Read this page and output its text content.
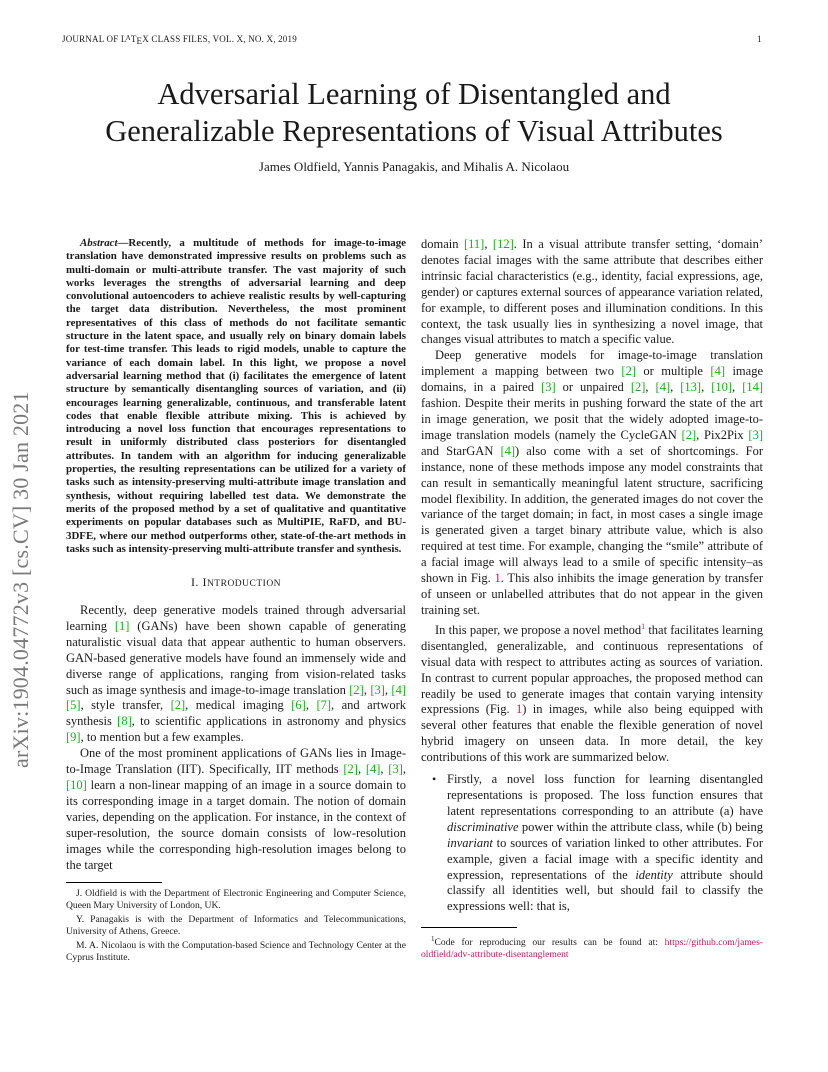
JOURNAL OF $L^ATEX$ CLASS FILES, VOL. X, NO. X, 2019	1
Adversarial Learning of Disentangled and
Generalizable Representations of Visual Attributes
James Oldfield, Yannis Panagakis, and Mihalis A. Nicolaou
arXiv:1904.04772v3 [cs.CV] 30 Jan 2021

Abstract—Recently, a multitude of methods for image-to-image translation have demonstrated impressive results on problems such as multi-domain or multi-attribute transfer. The vast majority of such works leverages the strengths of adversarial learning and deep convolutional autoencoders to achieve realistic results by well-capturing the target data distribution. Nevertheless, the most prominent representatives of this class of methods do not facilitate semantic structure in the latent space, and usually rely on binary domain labels for test-time transfer. This leads to rigid models, unable to capture the variance of each domain label. In this light, we propose a novel adversarial learning method that (i) facilitates the emergence of latent structure by semantically disentangling sources of variation, and (ii) encourages learning generalizable, continuous, and transferable latent codes that enable flexible attribute mixing. This is achieved by introducing a novel loss function that encourages representations to result in uniformly distributed class posteriors for disentangled attributes. In tandem with an algorithm for inducing generalizable properties, the resulting representations can be utilized for a variety of tasks such as intensity-preserving multi-attribute image translation and synthesis, without requiring labelled test data. We demonstrate the merits of the proposed method by a set of qualitative and quantitative experiments on popular databases such as MultiPIE, RaFD, and BU-3DFE, where our method outperforms other, state-of-the-art methods in tasks such as intensity-preserving multi-attribute transfer and synthesis.

I. INTRODUCTION

Recently, deep generative models trained through adversarial learning [1] (GANs) have been shown capable of generating naturalistic visual data that appear authentic to human observers. GAN-based generative models have found an immensely wide and diverse range of applications, ranging from vision-related tasks such as image synthesis and image-to-image translation [2], [3], [4] [5], style transfer, [2], medical imaging [6], [7], and artwork synthesis [8], to scientific applications in astronomy and physics [9], to mention but a few examples.

One of the most prominent applications of GANs lies in Image-to-Image Translation (IIT). Specifically, IIT methods [2], [4], [3], [10] learn a non-linear mapping of an image in a source domain to its corresponding image in a target domain. The notion of domain varies, depending on the application. For instance, in the context of super-resolution, the source domain consists of low-resolution images while the corresponding high-resolution images belong to the target

J. Oldfield is with the Department of Electronic Engineering and Computer Science, Queen Mary University of London, UK.

Y. Panagakis is with the Department of Informatics and Telecommunications, University of Athens, Greece.

M. A. Nicolaou is with the Computation-based Science and Technology Center at the Cyprus Institute.

domain [11], [12]. In a visual attribute transfer setting, ‘domain’ denotes facial images with the same attribute that describes either intrinsic facial characteristics (e.g., identity, facial expressions, age, gender) or captures external sources of appearance variation related, for example, to different poses and illumination conditions. In this context, the task usually lies in synthesizing a novel image, that changes visual attributes to match a specific value.

Deep generative models for image-to-image translation implement a mapping between two [2] or multiple [4] image domains, in a paired [3] or unpaired [2], [4], [13], [10], [14] fashion. Despite their merits in pushing forward the state of the art in image generation, we posit that the widely adopted image-to-image translation models (namely the CycleGAN [2], Pix2Pix [3] and StarGAN [4]) also come with a set of shortcomings. For instance, none of these methods impose any model constraints that can result in semantically meaningful latent structure, sacrificing model flexibility. In addition, the generated images do not cover the variance of the target domain; in fact, in most cases a single image is generated given a target binary attribute value, which is also required at test time. For example, changing the “smile” attribute of a facial image will always lead to a smile of specific intensity–as shown in Fig. 1. This also inhibits the image generation by transfer of unseen or unlabelled attributes that do not appear in the given training set.

In this paper, we propose a novel method$^1$ that facilitates learning disentangled, generalizable, and continuous representations of visual data with respect to attributes acting as sources of variation. In contrast to current popular approaches, the proposed method can readily be used to generate images that contain varying intensity expressions (Fig. 1) in images, while also being equipped with several other features that enable the flexible generation of novel hybrid imagery on unseen data. In more detail, the key contributions of this work are summarized below.

• Firstly, a novel loss function for learning disentangled representations is proposed. The loss function ensures that latent representations corresponding to an attribute (a) have discriminative power within the attribute class, while (b) being invariant to sources of variation linked to other attributes. For example, given a facial image with a specific identity and expression, representations of the identity attribute should classify all identities well, but should fail to classify the expressions well: that is,

$^1$Code for reproducing our results can be found at: https://github.com/james-oldfield/adv-attribute-disentanglement
